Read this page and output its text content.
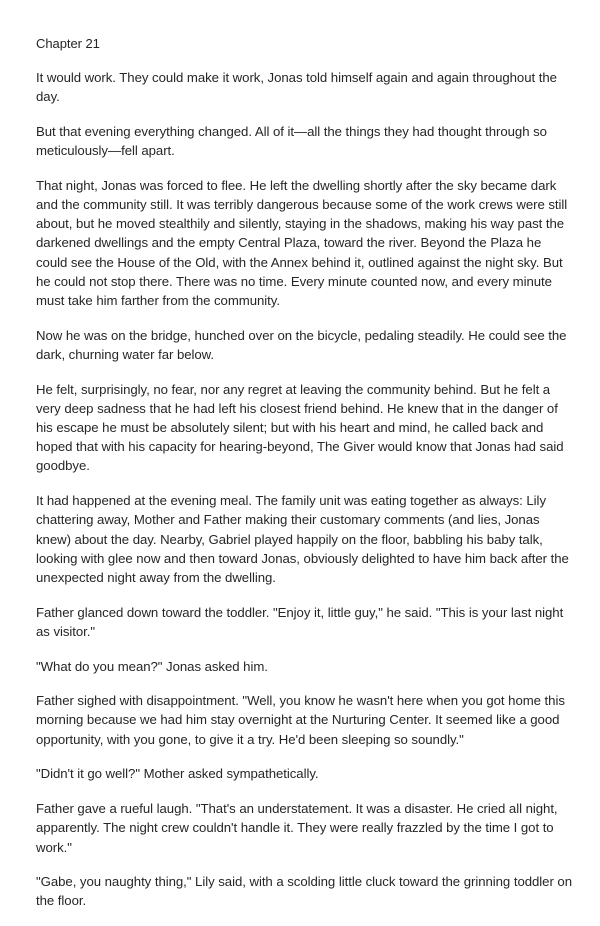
Chapter 21

It would work. They could make it work, Jonas told himself again and again throughout the day.

But that evening everything changed. All of it—all the things they had thought through so meticulously—fell apart.

That night, Jonas was forced to flee. He left the dwelling shortly after the sky became dark and the community still. It was terribly dangerous because some of the work crews were still about, but he moved stealthily and silently, staying in the shadows, making his way past the darkened dwellings and the empty Central Plaza, toward the river. Beyond the Plaza he could see the House of the Old, with the Annex behind it, outlined against the night sky. But he could not stop there. There was no time. Every minute counted now, and every minute must take him farther from the community.

Now he was on the bridge, hunched over on the bicycle, pedaling steadily. He could see the dark, churning water far below.

He felt, surprisingly, no fear, nor any regret at leaving the community behind. But he felt a very deep sadness that he had left his closest friend behind. He knew that in the danger of his escape he must be absolutely silent; but with his heart and mind, he called back and hoped that with his capacity for hearing-beyond, The Giver would know that Jonas had said goodbye.

It had happened at the evening meal. The family unit was eating together as always: Lily chattering away, Mother and Father making their customary comments (and lies, Jonas knew) about the day. Nearby, Gabriel played happily on the floor, babbling his baby talk, looking with glee now and then toward Jonas, obviously delighted to have him back after the unexpected night away from the dwelling.

Father glanced down toward the toddler. "Enjoy it, little guy," he said. "This is your last night as visitor."

"What do you mean?" Jonas asked him.

Father sighed with disappointment. "Well, you know he wasn't here when you got home this morning because we had him stay overnight at the Nurturing Center. It seemed like a good opportunity, with you gone, to give it a try. He'd been sleeping so soundly."

"Didn't it go well?" Mother asked sympathetically.

Father gave a rueful laugh. "That's an understatement. It was a disaster. He cried all night, apparently. The night crew couldn't handle it. They were really frazzled by the time I got to work."

"Gabe, you naughty thing," Lily said, with a scolding little cluck toward the grinning toddler on the floor.
